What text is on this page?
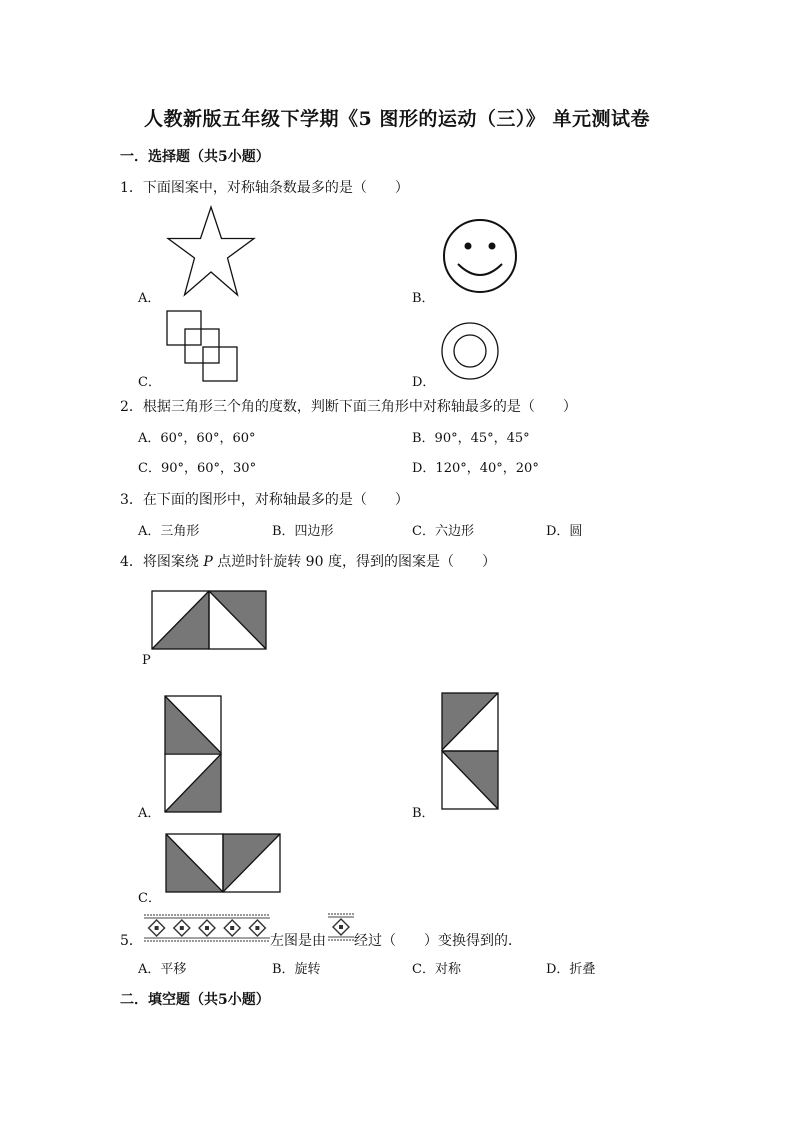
人教新版五年级下学期《5 图形的运动（三）》 单元测试卷
一．选择题（共5小题）
1．下面图案中，对称轴条数最多的是（　　）
A．	B．
C．	D．
2．根据三角形三个角的度数，判断下面三角形中对称轴最多的是（　　）
A．60°，60°，60°	B．90°，45°，45°
C．90°，60°，30°	D．120°，40°，20°
3．在下面的图形中，对称轴最多的是（　　）
A．三角形	B．四边形	C．六边形	D．圆
4．将图案绕 P 点逆时针旋转 90 度，得到的图案是（　　）
P
A．	B．
C．
5．	左图是由 经过（　　）变换得到的．
A．平移	B．旋转	C．对称	D．折叠
二．填空题（共5小题）
